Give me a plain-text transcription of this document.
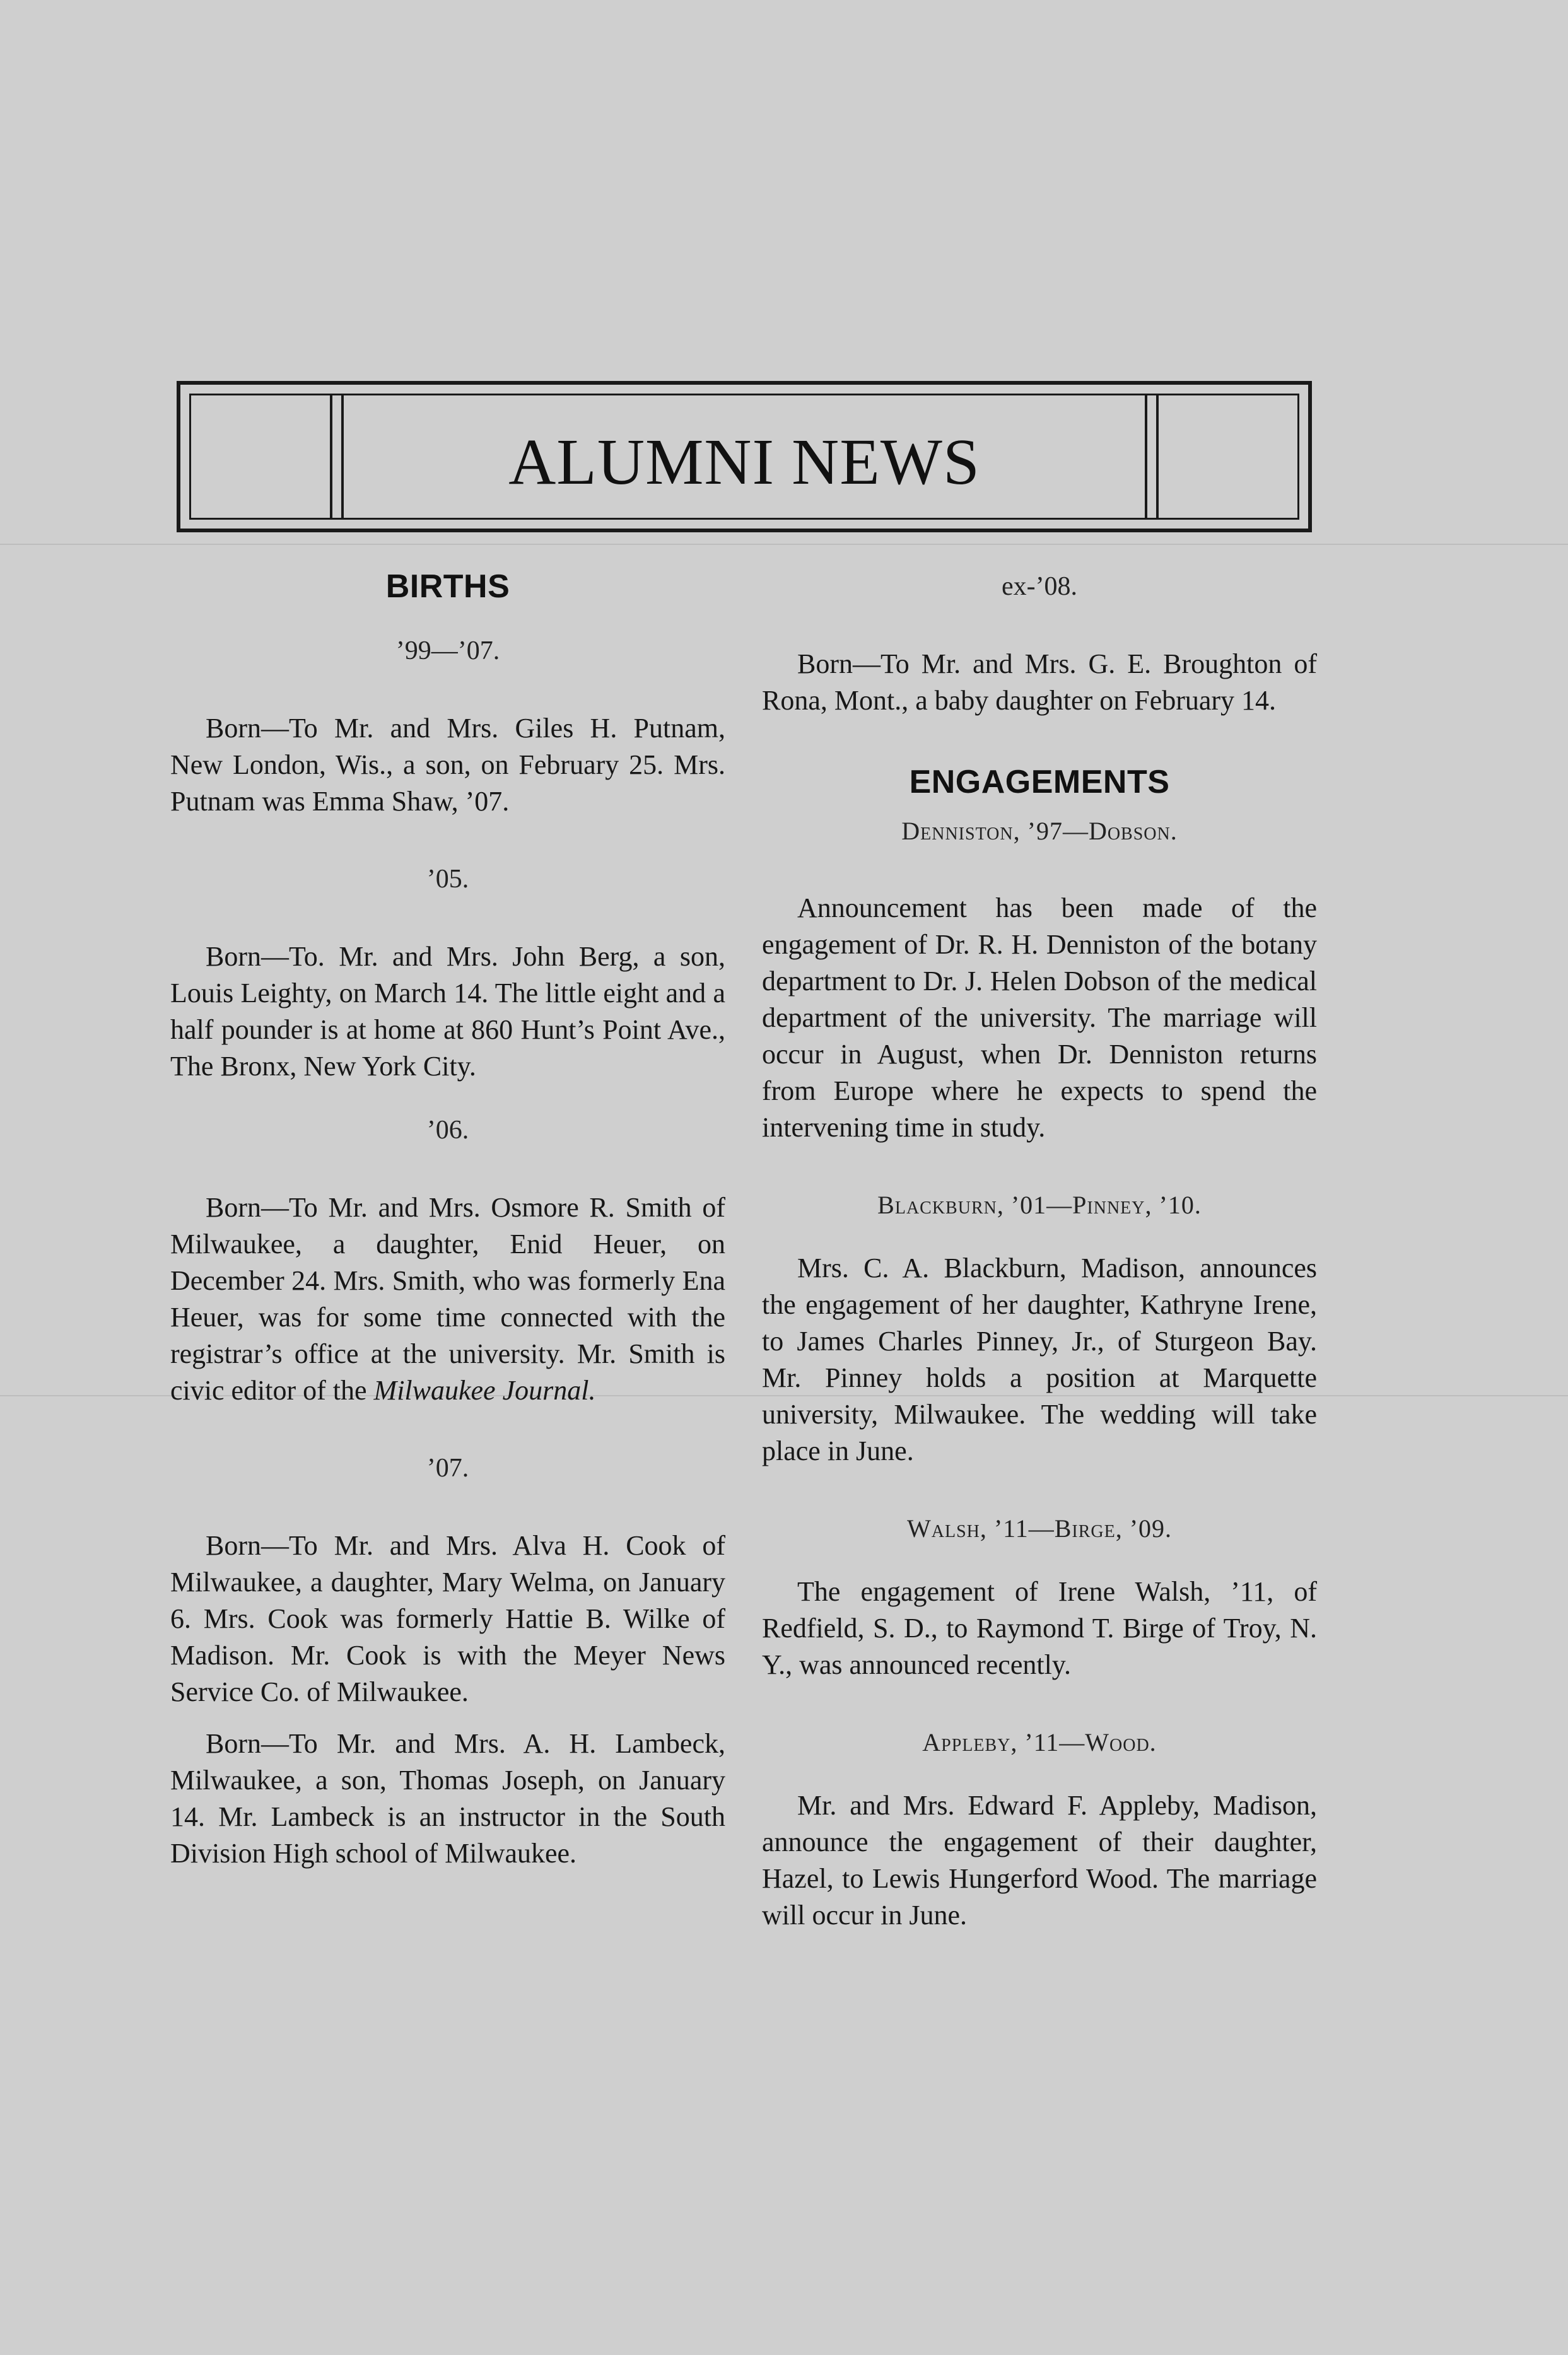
ALUMNI NEWS
BIRTHS
’99—’07.

Born—To Mr. and Mrs. Giles H. Putnam, New London, Wis., a son, on February 25. Mrs. Putnam was Emma Shaw, ’07.

’05.

Born—To. Mr. and Mrs. John Berg, a son, Louis Leighty, on March 14. The little eight and a half pounder is at home at 860 Hunt’s Point Ave., The Bronx, New York City.

’06.

Born—To Mr. and Mrs. Osmore R. Smith of Milwaukee, a daughter, Enid Heuer, on December 24. Mrs. Smith, who was formerly Ena Heuer, was for some time connected with the registrar’s office at the university. Mr. Smith is civic editor of the Milwaukee Journal.

’07.

Born—To Mr. and Mrs. Alva H. Cook of Milwaukee, a daughter, Mary Welma, on January 6. Mrs. Cook was formerly Hattie B. Wilke of Madison. Mr. Cook is with the Meyer News Service Co. of Milwaukee.

Born—To Mr. and Mrs. A. H. Lambeck, Milwaukee, a son, Thomas Joseph, on January 14. Mr. Lambeck is an instructor in the South Division High school of Milwaukee.

ex-’08.

Born—To Mr. and Mrs. G. E. Broughton of Rona, Mont., a baby daughter on February 14.

ENGAGEMENTS
Denniston, ’97—Dobson.

Announcement has been made of the engagement of Dr. R. H. Denniston of the botany department to Dr. J. Helen Dobson of the medical department of the university. The marriage will occur in August, when Dr. Denniston returns from Europe where he expects to spend the intervening time in study.

Blackburn, ’01—Pinney, ’10.

Mrs. C. A. Blackburn, Madison, announces the engagement of her daughter, Kathryne Irene, to James Charles Pinney, Jr., of Sturgeon Bay. Mr. Pinney holds a position at Marquette university, Milwaukee. The wedding will take place in June.

Walsh, ’11—Birge, ’09.

The engagement of Irene Walsh, ’11, of Redfield, S. D., to Raymond T. Birge of Troy, N. Y., was announced recently.

Appleby, ’11—Wood.

Mr. and Mrs. Edward F. Appleby, Madison, announce the engagement of their daughter, Hazel, to Lewis Hungerford Wood. The marriage will occur in June.
